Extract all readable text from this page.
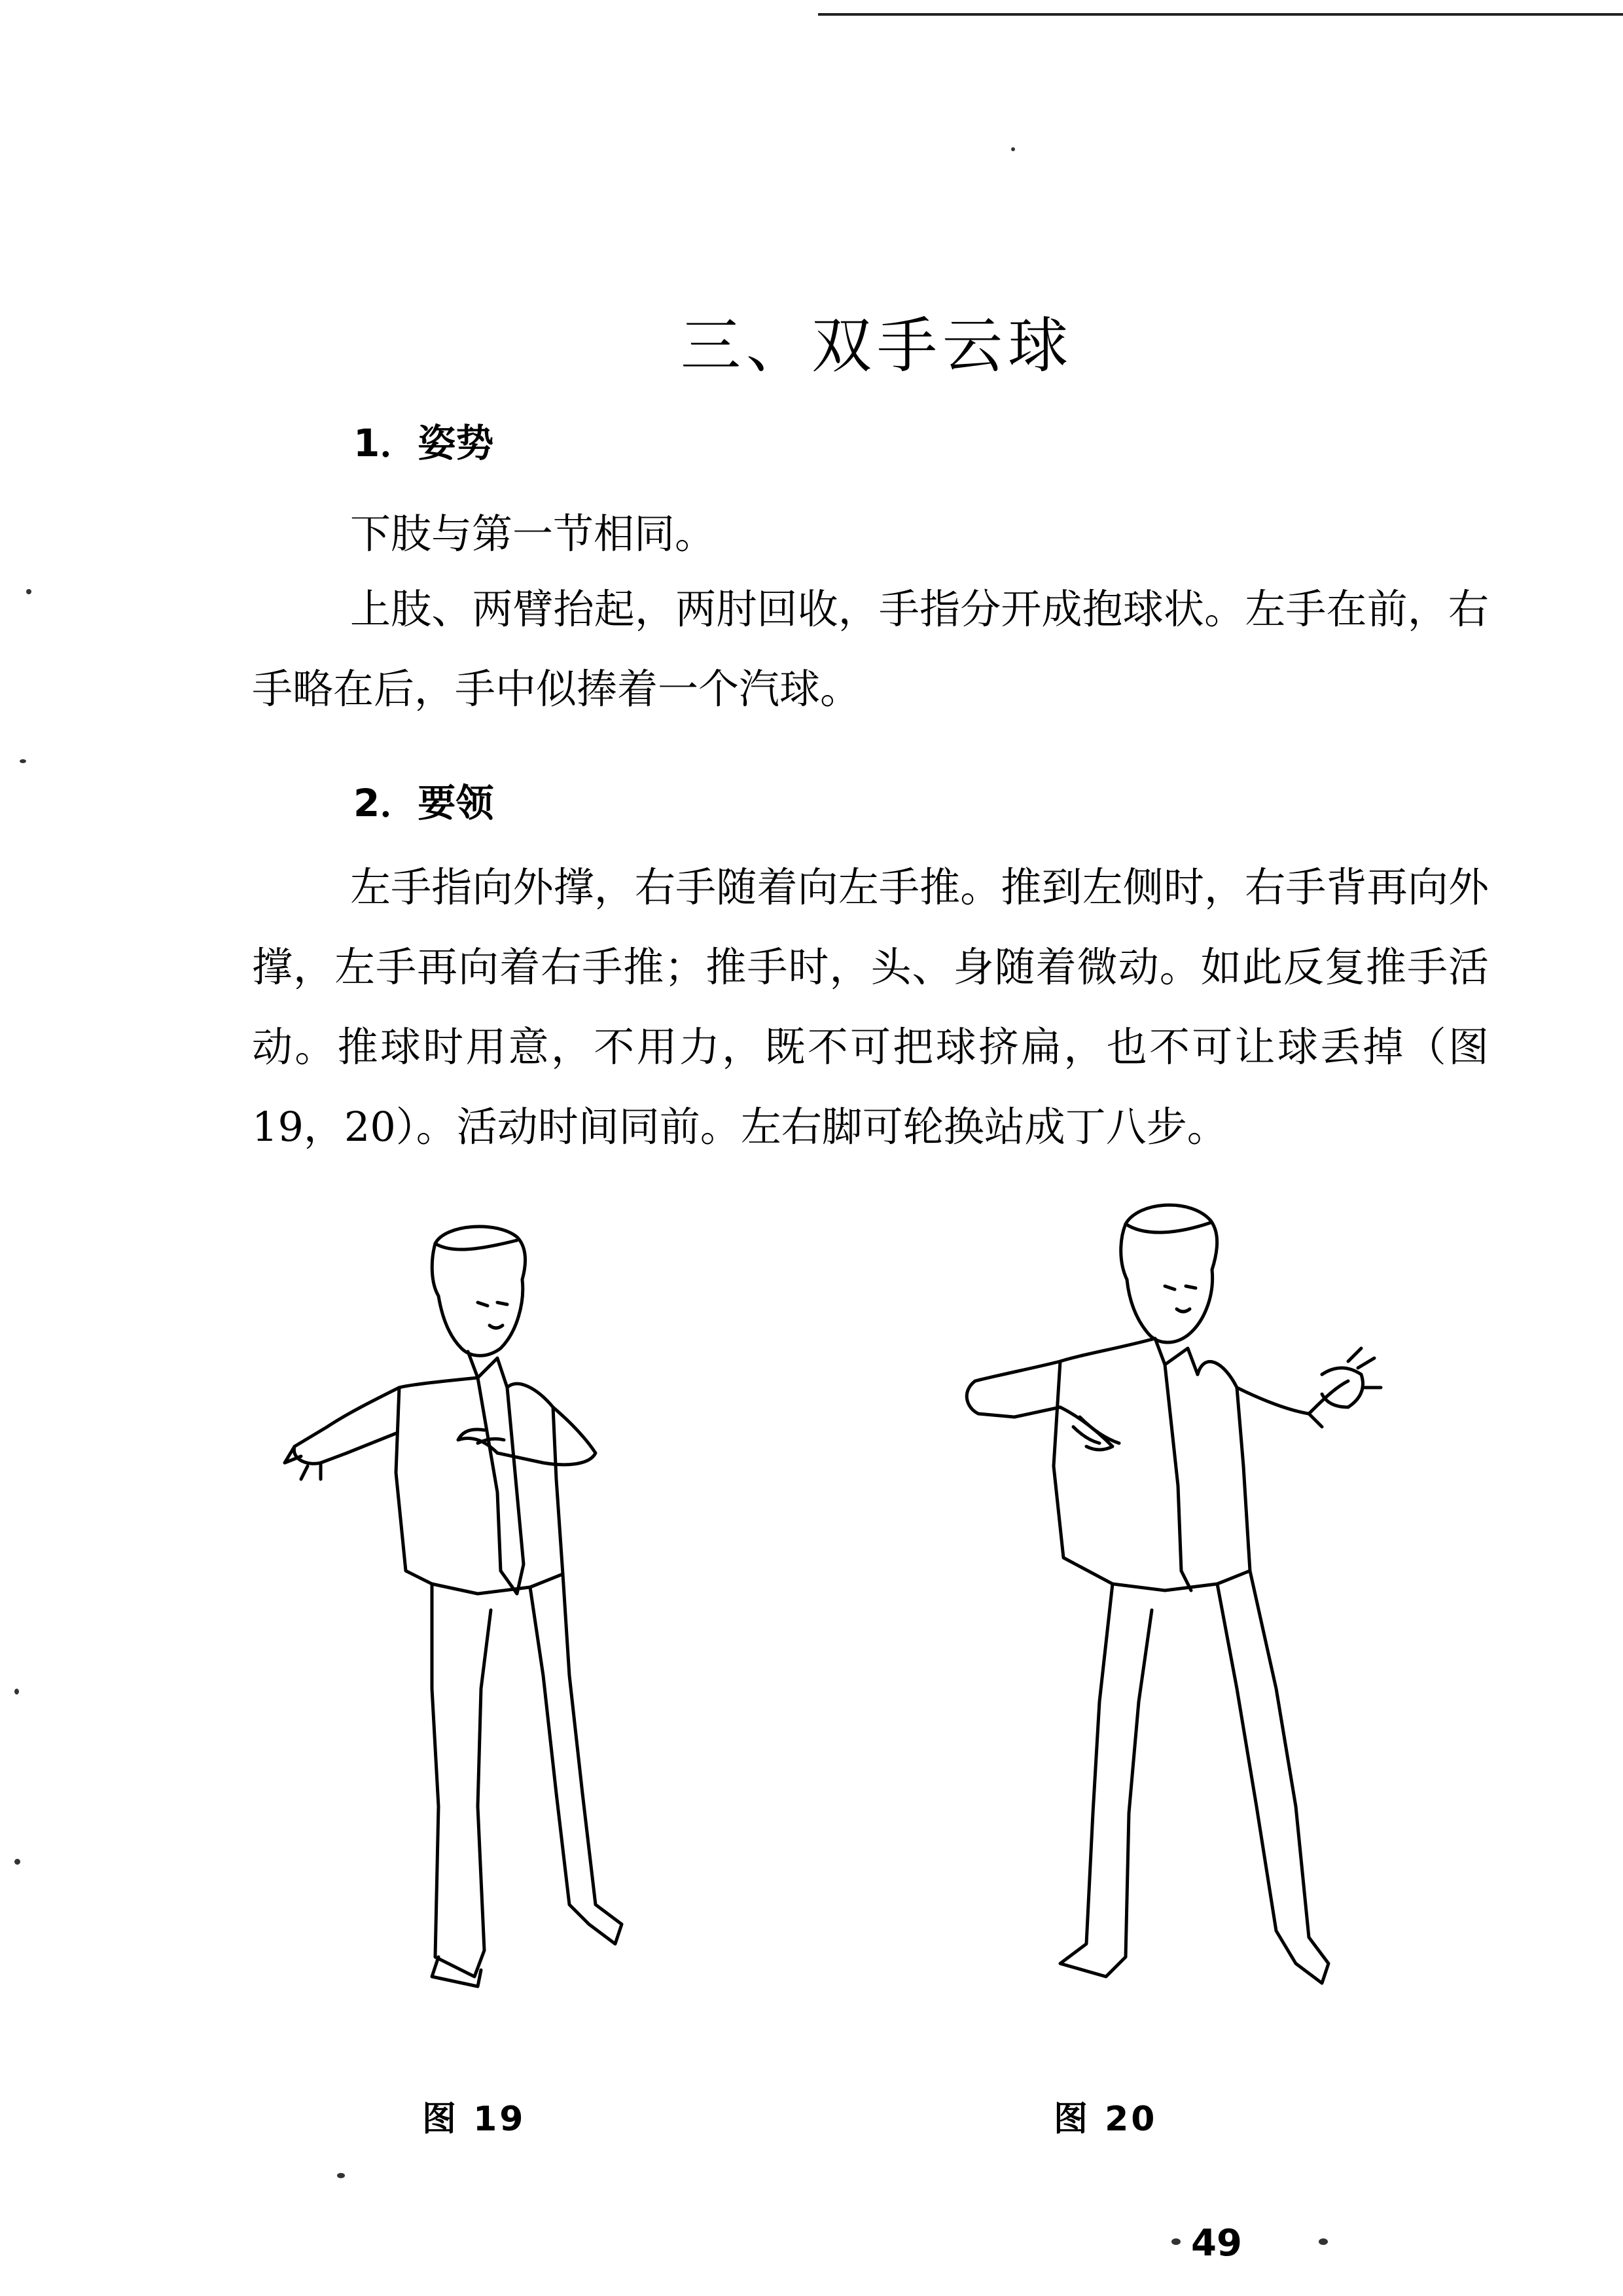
三、双手云球
1．姿势

下肢与第一节相同。

上肢、两臂抬起，两肘回收，手指分开成抱球状。左手在前，右手略在后，手中似捧着一个汽球。

2．要领

左手指向外撑，右手随着向左手推。推到左侧时，右手背再向外撑，左手再向着右手推；推手时，头、身随着微动。如此反复推手活动。推球时用意，不用力，既不可把球挤扁，也不可让球丢掉（图19，20）。活动时间同前。左右脚可轮换站成丁八步。

图 19	图 20
49
